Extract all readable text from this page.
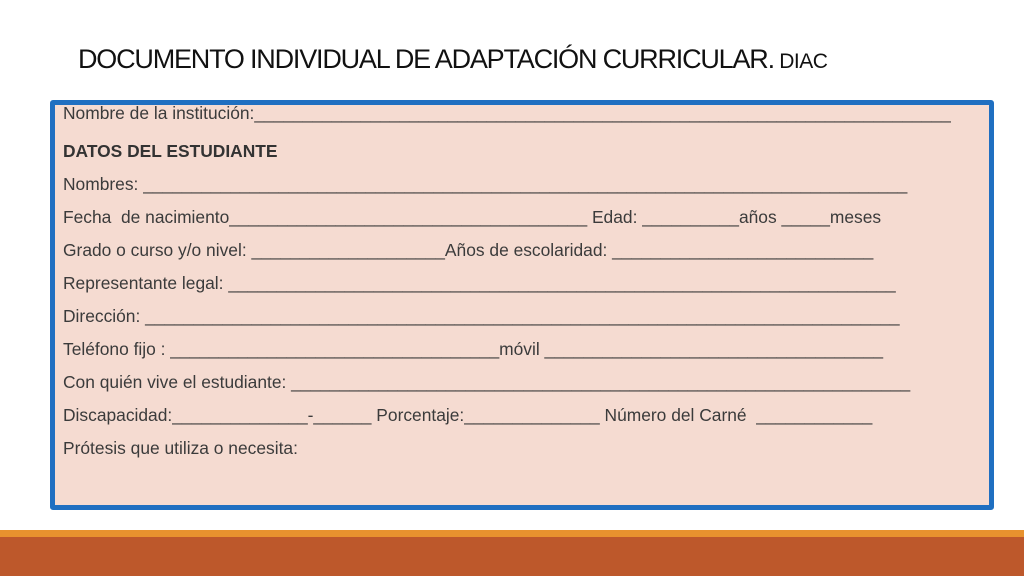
DOCUMENTO INDIVIDUAL DE ADAPTACIÓN CURRICULAR. DIAC
Nombre de la institución:________________________________________________________________________
DATOS DEL ESTUDIANTE
Nombres: _______________________________________________________________________________
Fecha  de nacimiento_____________________________________ Edad: __________años _____meses
Grado o curso y/o nivel: ____________________Años de escolaridad: ___________________________
Representante legal: _____________________________________________________________________
Dirección: ______________________________________________________________________________
Teléfono fijo : __________________________________móvil ___________________________________
Con quién vive el estudiante: ________________________________________________________________
Discapacidad:______________-______ Porcentaje:______________ Número del Carné  ____________
Prótesis que utiliza o necesita:
